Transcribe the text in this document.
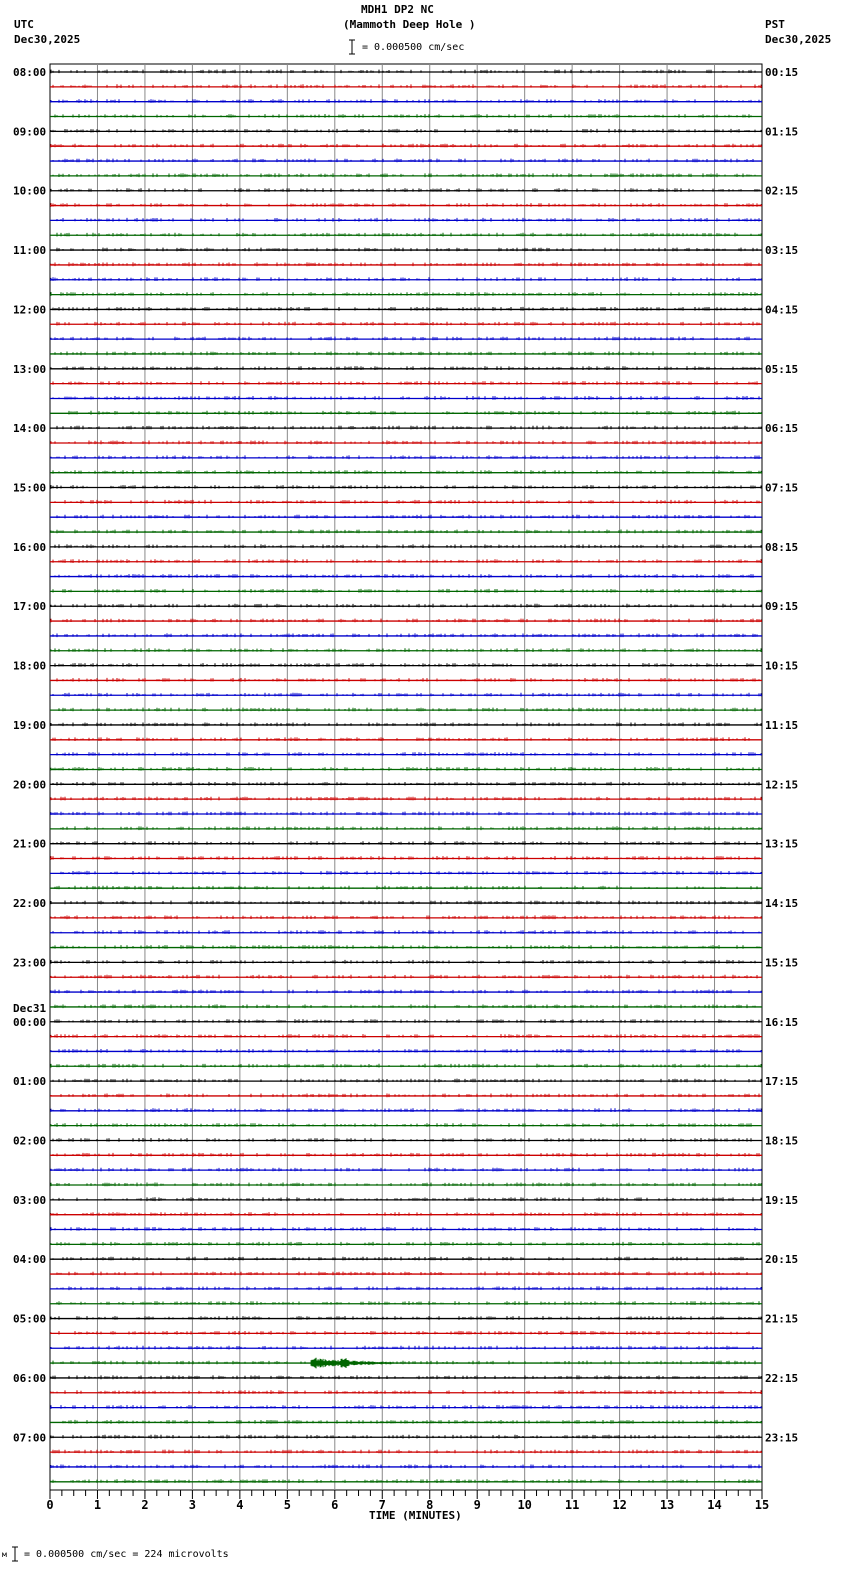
MDH1 DP2 NC
(Mammoth Deep Hole )
UTC
Dec30,2025
PST
Dec30,2025
= 0.000500 cm/sec
TIME (MINUTES)
м = 0.000500 cm/sec = 224 microvolts
0	1	2	3	4	5	6	7	8	9	10	11	12	13	14	15
08:00	00:15
09:00	01:15
10:00	02:15
11:00	03:15
12:00	04:15
13:00	05:15
14:00	06:15
15:00	07:15
16:00	08:15
17:00	09:15
18:00	10:15
19:00	11:15
20:00	12:15
21:00	13:15
22:00	14:15
23:00	15:15
00:00	16:15
Dec31
01:00	17:15
02:00	18:15
03:00	19:15
04:00	20:15
05:00	21:15
06:00	22:15
07:00	23:15
